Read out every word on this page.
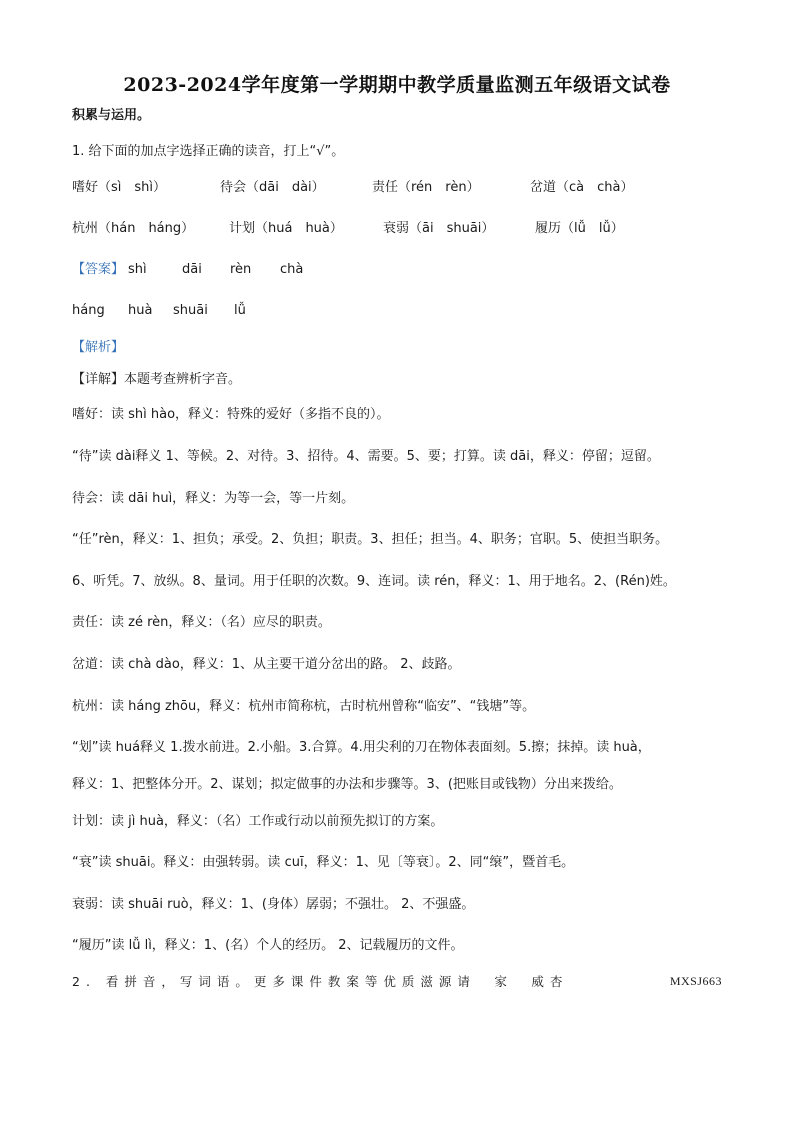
2023-2024学年度第一学期期中教学质量监测五年级语文试卷
积累与运用。
1. 给下面的加点字选择正确的读音，打上“√”。
嗜好（sì　shì）	待会（dāi　dài）	责任（rén　rèn）	岔道（cà　chà）
杭州（hán　háng）	计划（huá　huà）	衰弱（āi　shuāi）	履历（lǚ　lǚ）
【答案】 shì	dāi rèn chà
háng huà shuāi lǚ
【解析】
【详解】本题考查辨析字音。
嗜好：读 shì hào，释义：特殊的爱好（多指不良的）。
“待”读 dài释义 1、等候。2、对待。3、招待。4、需要。5、要；打算。读 dāi，释义：停留；逗留。
待会：读 dāi huì，释义：为等一会，等一片刻。
“任”rèn，释义：1、担负；承受。2、负担；职责。3、担任；担当。4、职务；官职。5、使担当职务。
6、听凭。7、放纵。8、量词。用于任职的次数。9、连词。读 rén，释义：1、用于地名。2、(Rén)姓。
责任：读 zé rèn，释义：（名）应尽的职责。
岔道：读 chà dào，释义：1、从主要干道分岔出的路。 2、歧路。
杭州：读 háng zhōu，释义：杭州市简称杭，古时杭州曾称“临安”、“钱塘”等。
“划”读 huá释义 1.拨水前进。2.小船。3.合算。4.用尖利的刀在物体表面刻。5.擦；抹掉。读 huà，
释义：1、把整体分开。2、谋划；拟定做事的办法和步骤等。3、(把账目或钱物）分出来拨给。
计划：读 jì huà，释义：（名）工作或行动以前预先拟订的方案。
“衰”读 shuāi。释义：由强转弱。读 cuī，释义：1、见〔等衰〕。2、同“缞”，暨首毛。
衰弱：读 shuāi ruò，释义：1、(身体）孱弱；不强壮。 2、不强盛。
“履历”读 lǚ lì，释义：1、(名）个人的经历。 2、记载履历的文件。
2. 看拼音，写词语。更多课件教案等优质滋源请　家　威杏	MXSJ663
